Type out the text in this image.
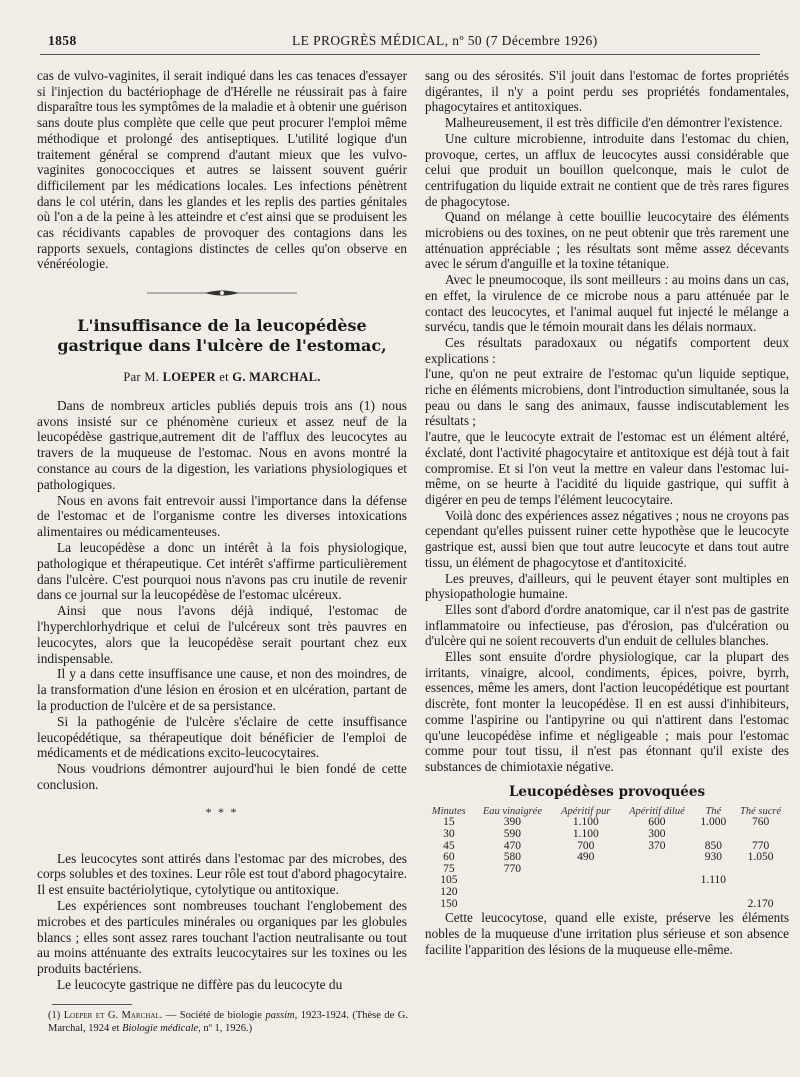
1858	LE PROGRÈS MÉDICAL, nº 50 (7 Décembre 1926)

cas de vulvo-vaginites, il serait indiqué dans les cas tenaces d'essayer si l'injection du bactériophage de d'Hérelle ne réussirait pas à faire disparaître tous les symptômes de la maladie et à obtenir une guérison sans doute plus complète que celle que peut procurer l'emploi même méthodique et prolongé des antiseptiques. L'utilité logique d'un traitement général se comprend d'autant mieux que les vulvo-vaginites gonococciques et autres se laissent souvent guérir difficilement par les médications locales. Les infections pénètrent dans le col utérin, dans les glandes et les replis des parties génitales où l'on a de la peine à les atteindre et c'est ainsi que se produisent les cas récidivants capables de provoquer des contagions dans les rapports sexuels, contagions distinctes de celles qu'on observe en vénéréologie.

L'insuffisance de la leucopédèse gastrique dans l'ulcère de l'estomac,
Par M. LOEPER et G. MARCHAL.

Dans de nombreux articles publiés depuis trois ans (1) nous avons insisté sur ce phénomène curieux et assez neuf de la leucopédèse gastrique,autrement dit de l'afflux des leucocytes au travers de la muqueuse de l'estomac. Nous en avons montré la constance au cours de la digestion, les variations physiologiques et pathologiques.

Nous en avons fait entrevoir aussi l'importance dans la défense de l'estomac et de l'organisme contre les diverses intoxications alimentaires ou médicamenteuses.

La leucopédèse a donc un intérêt à la fois physiologique, pathologique et thérapeutique. Cet intérêt s'affirme particulièrement dans l'ulcère. C'est pourquoi nous n'avons pas cru inutile de revenir dans ce journal sur la leucopédèse de l'estomac ulcéreux.

Ainsi que nous l'avons déjà indiqué, l'estomac de l'hyperchlorhydrique et celui de l'ulcéreux sont très pauvres en leucocytes, alors que la leucopédèse serait pourtant chez eux indispensable.

Il y a dans cette insuffisance une cause, et non des moindres, de la transformation d'une lésion en érosion et en ulcération, partant de la production de l'ulcère et de sa persistance.

Si la pathogénie de l'ulcère s'éclaire de cette insuffisance leucopédétique, sa thérapeutique doit bénéficier de l'emploi de médicaments et de médications excito-leucocytaires.

Nous voudrions démontrer aujourd'hui le bien fondé de cette conclusion.

* * *

Les leucocytes sont attirés dans l'estomac par des microbes, des corps solubles et des toxines. Leur rôle est tout d'abord phagocytaire. Il est ensuite bactériolytique, cytolytique ou antitoxique.

Les expériences sont nombreuses touchant l'englobement des microbes et des particules minérales ou organiques par les globules blancs ; elles sont assez rares touchant l'action neutralisante ou tout au moins atténuante des extraits leucocytaires sur les toxines ou les produits bactériens.

Le leucocyte gastrique ne diffère pas du leucocyte du

(1) Loeper et G. Marchal. — Société de biologie passim, 1923-1924. (Thèse de G. Marchal, 1924 et Biologie médicale, nº 1, 1926.)

sang ou des sérosités. S'il jouit dans l'estomac de fortes propriétés digérantes, il n'y a point perdu ses propriétés fondamentales, phagocytaires et antitoxiques.

Malheureusement, il est très difficile d'en démontrer l'existence.

Une culture microbienne, introduite dans l'estomac du chien, provoque, certes, un afflux de leucocytes aussi considérable que celui que produit un bouillon quelconque, mais le culot de centrifugation du liquide extrait ne contient que de très rares figures de phagocytose.

Quand on mélange à cette bouillie leucocytaire des éléments microbiens ou des toxines, on ne peut obtenir que très rarement une atténuation appréciable ; les résultats sont même assez décevants avec le sérum d'anguille et la toxine tétanique.

Avec le pneumocoque, ils sont meilleurs : au moins dans un cas, en effet, la virulence de ce microbe nous a paru atténuée par le contact des leucocytes, et l'animal auquel fut injecté le mélange a survécu, tandis que le témoin mourait dans les délais normaux.

Ces résultats paradoxaux ou négatifs comportent deux explications :

l'une, qu'on ne peut extraire de l'estomac qu'un liquide septique, riche en éléments microbiens, dont l'introduction simultanée, sous la peau ou dans le sang des animaux, fausse indiscutablement les résultats ;

l'autre, que le leucocyte extrait de l'estomac est un élément altéré, éxclaté, dont l'activité phagocytaire et antitoxique est déjà tout à fait compromise. Et si l'on veut la mettre en valeur dans l'estomac lui-même, on se heurte à l'acidité du liquide gastrique, qui suffit à digérer en peu de temps l'élément leucocytaire.

Voilà donc des expériences assez négatives ; nous ne croyons pas cependant qu'elles puissent ruiner cette hypothèse que le leucocyte gastrique est, aussi bien que tout autre leucocyte et dans tout autre tissu, un élément de phagocytose et d'antitoxicité.

Les preuves, d'ailleurs, qui le peuvent étayer sont multiples en physiopathologie humaine.

Elles sont d'abord d'ordre anatomique, car il n'est pas de gastrite inflammatoire ou infectieuse, pas d'érosion, pas d'ulcération ou d'ulcère qui ne soient recouverts d'un enduit de cellules blanches.

Elles sont ensuite d'ordre physiologique, car la plupart des irritants, vinaigre, alcool, condiments, épices, poivre, byrrh, essences, même les amers, dont l'action leucopédétique est pourtant discrète, font monter la leucopédèse. Il en est aussi d'inhibiteurs, comme l'aspirine ou l'antipyrine ou qui n'attirent dans l'estomac qu'une leucopédèse infime et négligeable ; mais pour l'estomac comme pour tout tissu, il n'est pas étonnant qu'il existe des substances de chimiotaxie négative.

Leucopédèses provoquées
Minutes	Eau vinaigrée	Apéritif pur	Apéritif dilué	Thé	Thé sucré
15	390	1.100	600	1.000	760
30	590	1.100	300		
45	470	700	370	850	770
60	580	490		930	1.050
75	770				
105				1.110	
120					
150					2.170

Cette leucocytose, quand elle existe, préserve les éléments nobles de la muqueuse d'une irritation plus sérieuse et son absence facilite l'apparition des lésions de la muqueuse elle-même.
